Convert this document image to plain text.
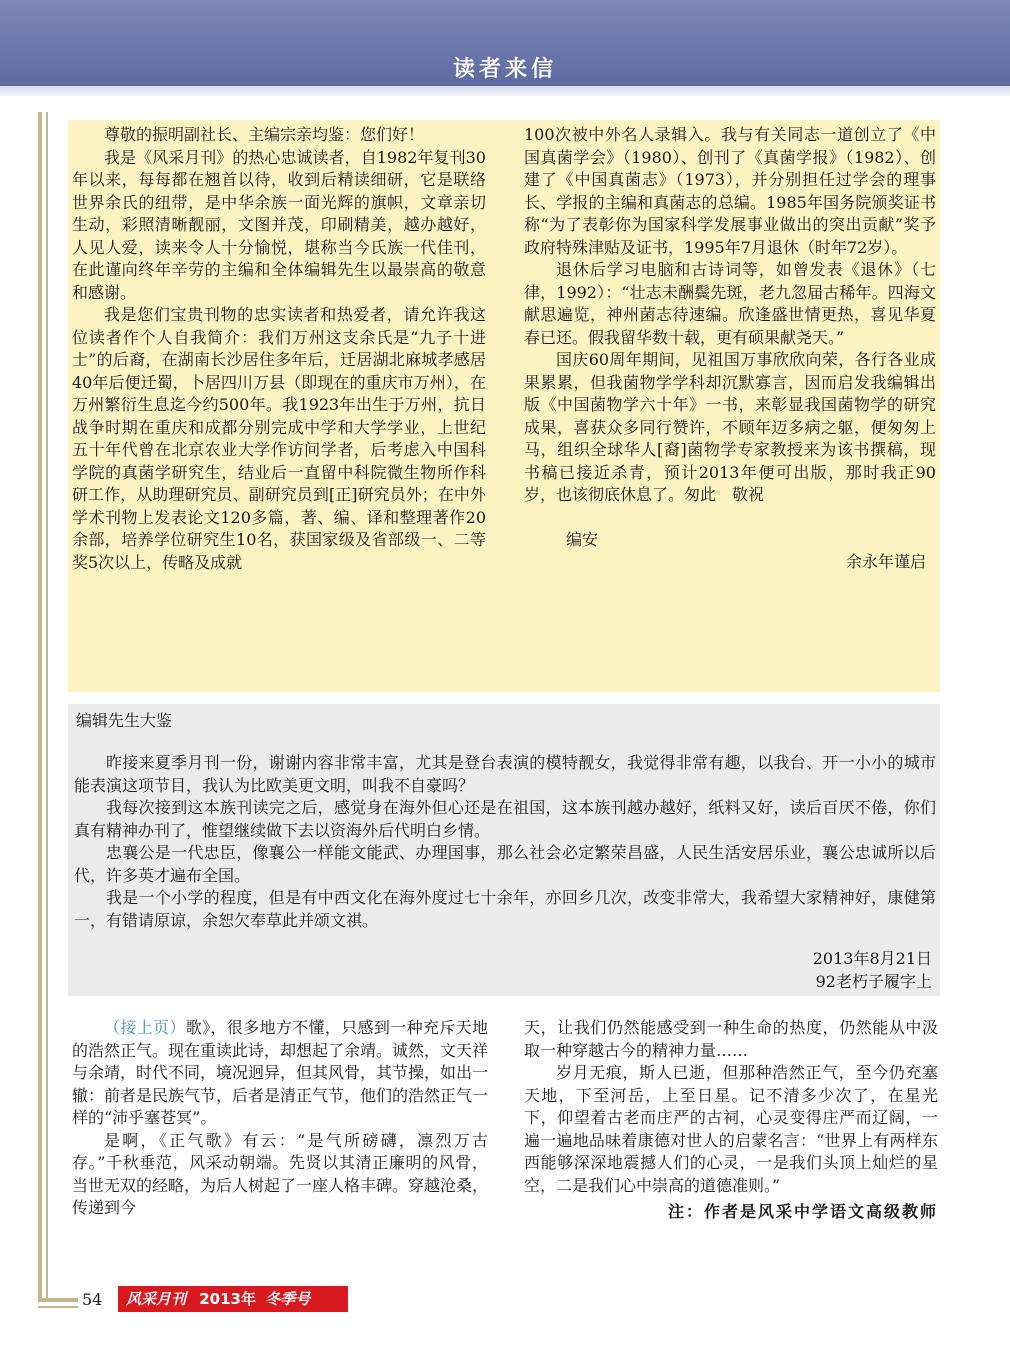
读者来信

尊敬的振明副社长、主编宗亲均鉴：您们好！

我是《风采月刊》的热心忠诚读者，自1982年复刊30年以来，每每都在翘首以待，收到后精读细研，它是联络世界余氏的纽带，是中华余族一面光辉的旗帜，文章亲切生动，彩照清晰靓丽，文图并茂，印刷精美，越办越好，人见人爱，读来令人十分愉悦，堪称当今氏族一代佳刊，在此谨向终年辛劳的主编和全体编辑先生以最崇高的敬意和感谢。

我是您们宝贵刊物的忠实读者和热爱者，请允许我这位读者作个人自我简介：我们万州这支余氏是“九子十进士”的后裔，在湖南长沙居住多年后，迁居湖北麻城孝感居40年后便迁蜀，卜居四川万县（即现在的重庆市万州），在万州繁衍生息迄今约500年。我1923年出生于万州，抗日战争时期在重庆和成都分别完成中学和大学学业，上世纪五十年代曾在北京农业大学作访问学者，后考虑入中国科学院的真菌学研究生，结业后一直留中科院微生物所作科研工作，从助理研究员、副研究员到[正]研究员外；在中外学术刊物上发表论文120多篇，著、编、译和整理著作20余部，培养学位研究生10名，获国家级及省部级一、二等奖5次以上，传略及成就

100次被中外名人录辑入。我与有关同志一道创立了《中国真菌学会》（1980）、创刊了《真菌学报》（1982）、创建了《中国真菌志》（1973），并分别担任过学会的理事长、学报的主编和真菌志的总编。1985年国务院颁奖证书称“为了表彰你为国家科学发展事业做出的突出贡献”奖予政府特殊津贴及证书，1995年7月退休（时年72岁）。

退休后学习电脑和古诗词等，如曾发表《退休》（七律，1992）：“壮志未酬鬓先斑，老九忽届古稀年。四海文献思遍览，神州菌志待速编。欣逢盛世情更热，喜见华夏春已还。假我留华数十载，更有硕果献尧天。”

国庆60周年期间，见祖国万事欣欣向荣，各行各业成果累累，但我菌物学学科却沉默寡言，因而启发我编辑出版《中国菌物学六十年》一书，来彰显我国菌物学的研究成果，喜获众多同行赞许，不顾年迈多病之躯，便匆匆上马，组织全球华人[裔]菌物学专家教授来为该书撰稿，现书稿已接近杀青，预计2013年便可出版，那时我正90岁，也该彻底休息了。匆此　敬祝

编安

余永年谨启

编辑先生大鉴

昨接来夏季月刊一份，谢谢内容非常丰富，尤其是登台表演的模特靓女，我觉得非常有趣，以我台、开一小小的城市能表演这项节目，我认为比欧美更文明，叫我不自豪吗？

我每次接到这本族刊读完之后，感觉身在海外但心还是在祖国，这本族刊越办越好，纸料又好，读后百厌不倦，你们真有精神办刊了，惟望继续做下去以资海外后代明白乡情。

忠襄公是一代忠臣，像襄公一样能文能武、办理国事，那么社会必定繁荣昌盛，人民生活安居乐业，襄公忠诚所以后代，许多英才遍布全国。

我是一个小学的程度，但是有中西文化在海外度过七十余年，亦回乡几次，改变非常大，我希望大家精神好，康健第一，有错请原谅，余恕欠奉草此并颂文祺。

2013年8月21日
92老朽子履字上

（接上页）歌》，很多地方不懂，只感到一种充斥天地的浩然正气。现在重读此诗，却想起了余靖。诚然，文天祥与余靖，时代不同，境况迥异，但其风骨，其节操，如出一辙：前者是民族气节，后者是清正气节，他们的浩然正气一样的“沛乎塞苍冥”。

是啊，《正气歌》有云：“是气所磅礴，凛烈万古存。”千秋垂范，风采动朝端。先贤以其清正廉明的风骨，当世无双的经略，为后人树起了一座人格丰碑。穿越沧桑，传递到今

天，让我们仍然能感受到一种生命的热度，仍然能从中汲取一种穿越古今的精神力量……

岁月无痕，斯人已逝，但那种浩然正气，至今仍充塞天地，下至河岳，上至日星。记不清多少次了，在星光下，仰望着古老而庄严的古祠，心灵变得庄严而辽阔，一遍一遍地品味着康德对世人的启蒙名言：“世界上有两样东西能够深深地震撼人们的心灵，一是我们头顶上灿烂的星空，二是我们心中崇高的道德准则。”

注：作者是风采中学语文高级教师

54	风采月刊 2013年 冬季号
